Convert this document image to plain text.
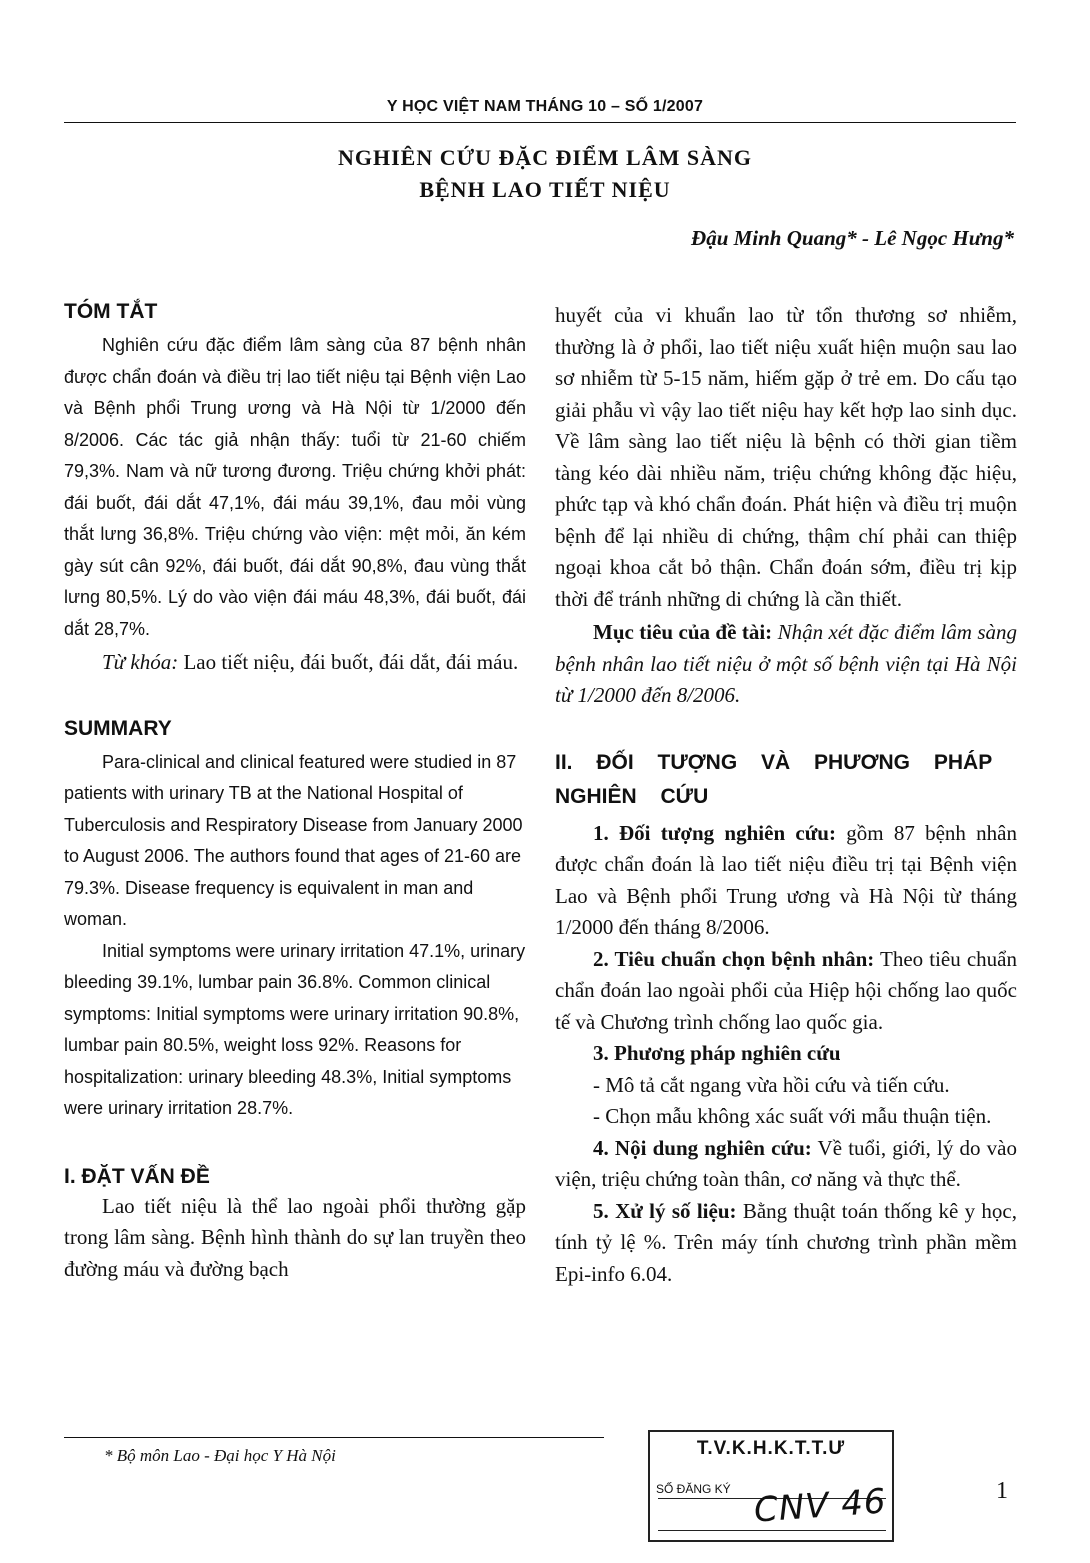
Y HỌC VIỆT NAM THÁNG 10 – SỐ 1/2007
NGHIÊN CỨU ĐẶC ĐIỂM LÂM SÀNG
BỆNH LAO TIẾT NIỆU
Đậu Minh Quang* - Lê Ngọc Hưng*
TÓM TẮT

Nghiên cứu đặc điểm lâm sàng của 87 bệnh nhân được chẩn đoán và điều trị lao tiết niệu tại Bệnh viện Lao và Bệnh phổi Trung ương và Hà Nội từ 1/2000 đến 8/2006. Các tác giả nhận thấy: tuổi từ 21-60 chiếm 79,3%. Nam và nữ tương đương. Triệu chứng khởi phát: đái buốt, đái dắt 47,1%, đái máu 39,1%, đau mỏi vùng thắt lưng 36,8%. Triệu chứng vào viện: mệt mỏi, ăn kém gày sút cân 92%, đái buốt, đái dắt 90,8%, đau vùng thắt lưng 80,5%. Lý do vào viện đái máu 48,3%, đái buốt, đái dắt 28,7%.

Từ khóa: Lao tiết niệu, đái buốt, đái dắt, đái máu.

SUMMARY

Para-clinical and clinical featured were studied in 87 patients with urinary TB at the National Hospital of Tuberculosis and Respiratory Disease from January 2000 to August 2006. The authors found that ages of 21-60 are 79.3%. Disease frequency is equivalent in man and woman.

Initial symptoms were urinary irritation 47.1%, urinary bleeding 39.1%, lumbar pain 36.8%. Common clinical symptoms: Initial symptoms were urinary irritation 90.8%, lumbar pain 80.5%, weight loss 92%. Reasons for hospitalization: urinary bleeding 48.3%, Initial symptoms were urinary irritation 28.7%.

I. ĐẶT VẤN ĐỀ

Lao tiết niệu là thể lao ngoài phổi thường gặp trong lâm sàng. Bệnh hình thành do sự lan truyền theo đường máu và đường bạch

huyết của vi khuẩn lao từ tổn thương sơ nhiễm, thường là ở phổi, lao tiết niệu xuất hiện muộn sau lao sơ nhiễm từ 5-15 năm, hiếm gặp ở trẻ em. Do cấu tạo giải phẫu vì vậy lao tiết niệu hay kết hợp lao sinh dục. Về lâm sàng lao tiết niệu là bệnh có thời gian tiềm tàng kéo dài nhiều năm, triệu chứng không đặc hiệu, phức tạp và khó chẩn đoán. Phát hiện và điều trị muộn bệnh để lại nhiều di chứng, thậm chí phải can thiệp ngoại khoa cắt bỏ thận. Chẩn đoán sớm, điều trị kịp thời để tránh những di chứng là cần thiết.

Mục tiêu của đề tài: Nhận xét đặc điểm lâm sàng bệnh nhân lao tiết niệu ở một số bệnh viện tại Hà Nội từ 1/2000 đến 8/2006.

II. ĐỐI TƯỢNG VÀ PHƯƠNG PHÁP NGHIÊN CỨU

1. Đối tượng nghiên cứu: gồm 87 bệnh nhân được chẩn đoán là lao tiết niệu điều trị tại Bệnh viện Lao và Bệnh phổi Trung ương và Hà Nội từ tháng 1/2000 đến tháng 8/2006.

2. Tiêu chuẩn chọn bệnh nhân: Theo tiêu chuẩn chẩn đoán lao ngoài phổi của Hiệp hội chống lao quốc tế và Chương trình chống lao quốc gia.

3. Phương pháp nghiên cứu

- Mô tả cắt ngang vừa hồi cứu và tiến cứu.

- Chọn mẫu không xác suất với mẫu thuận tiện.

4. Nội dung nghiên cứu: Về tuổi, giới, lý do vào viện, triệu chứng toàn thân, cơ năng và thực thể.

5. Xử lý số liệu: Bằng thuật toán thống kê y học, tính tỷ lệ %. Trên máy tính chương trình phần mềm Epi-info 6.04.

* Bộ môn Lao - Đại học Y Hà Nội	T.V.K.H.K.T.T.Ư
SỐ ĐĂNG KÝ CNV 46	1
